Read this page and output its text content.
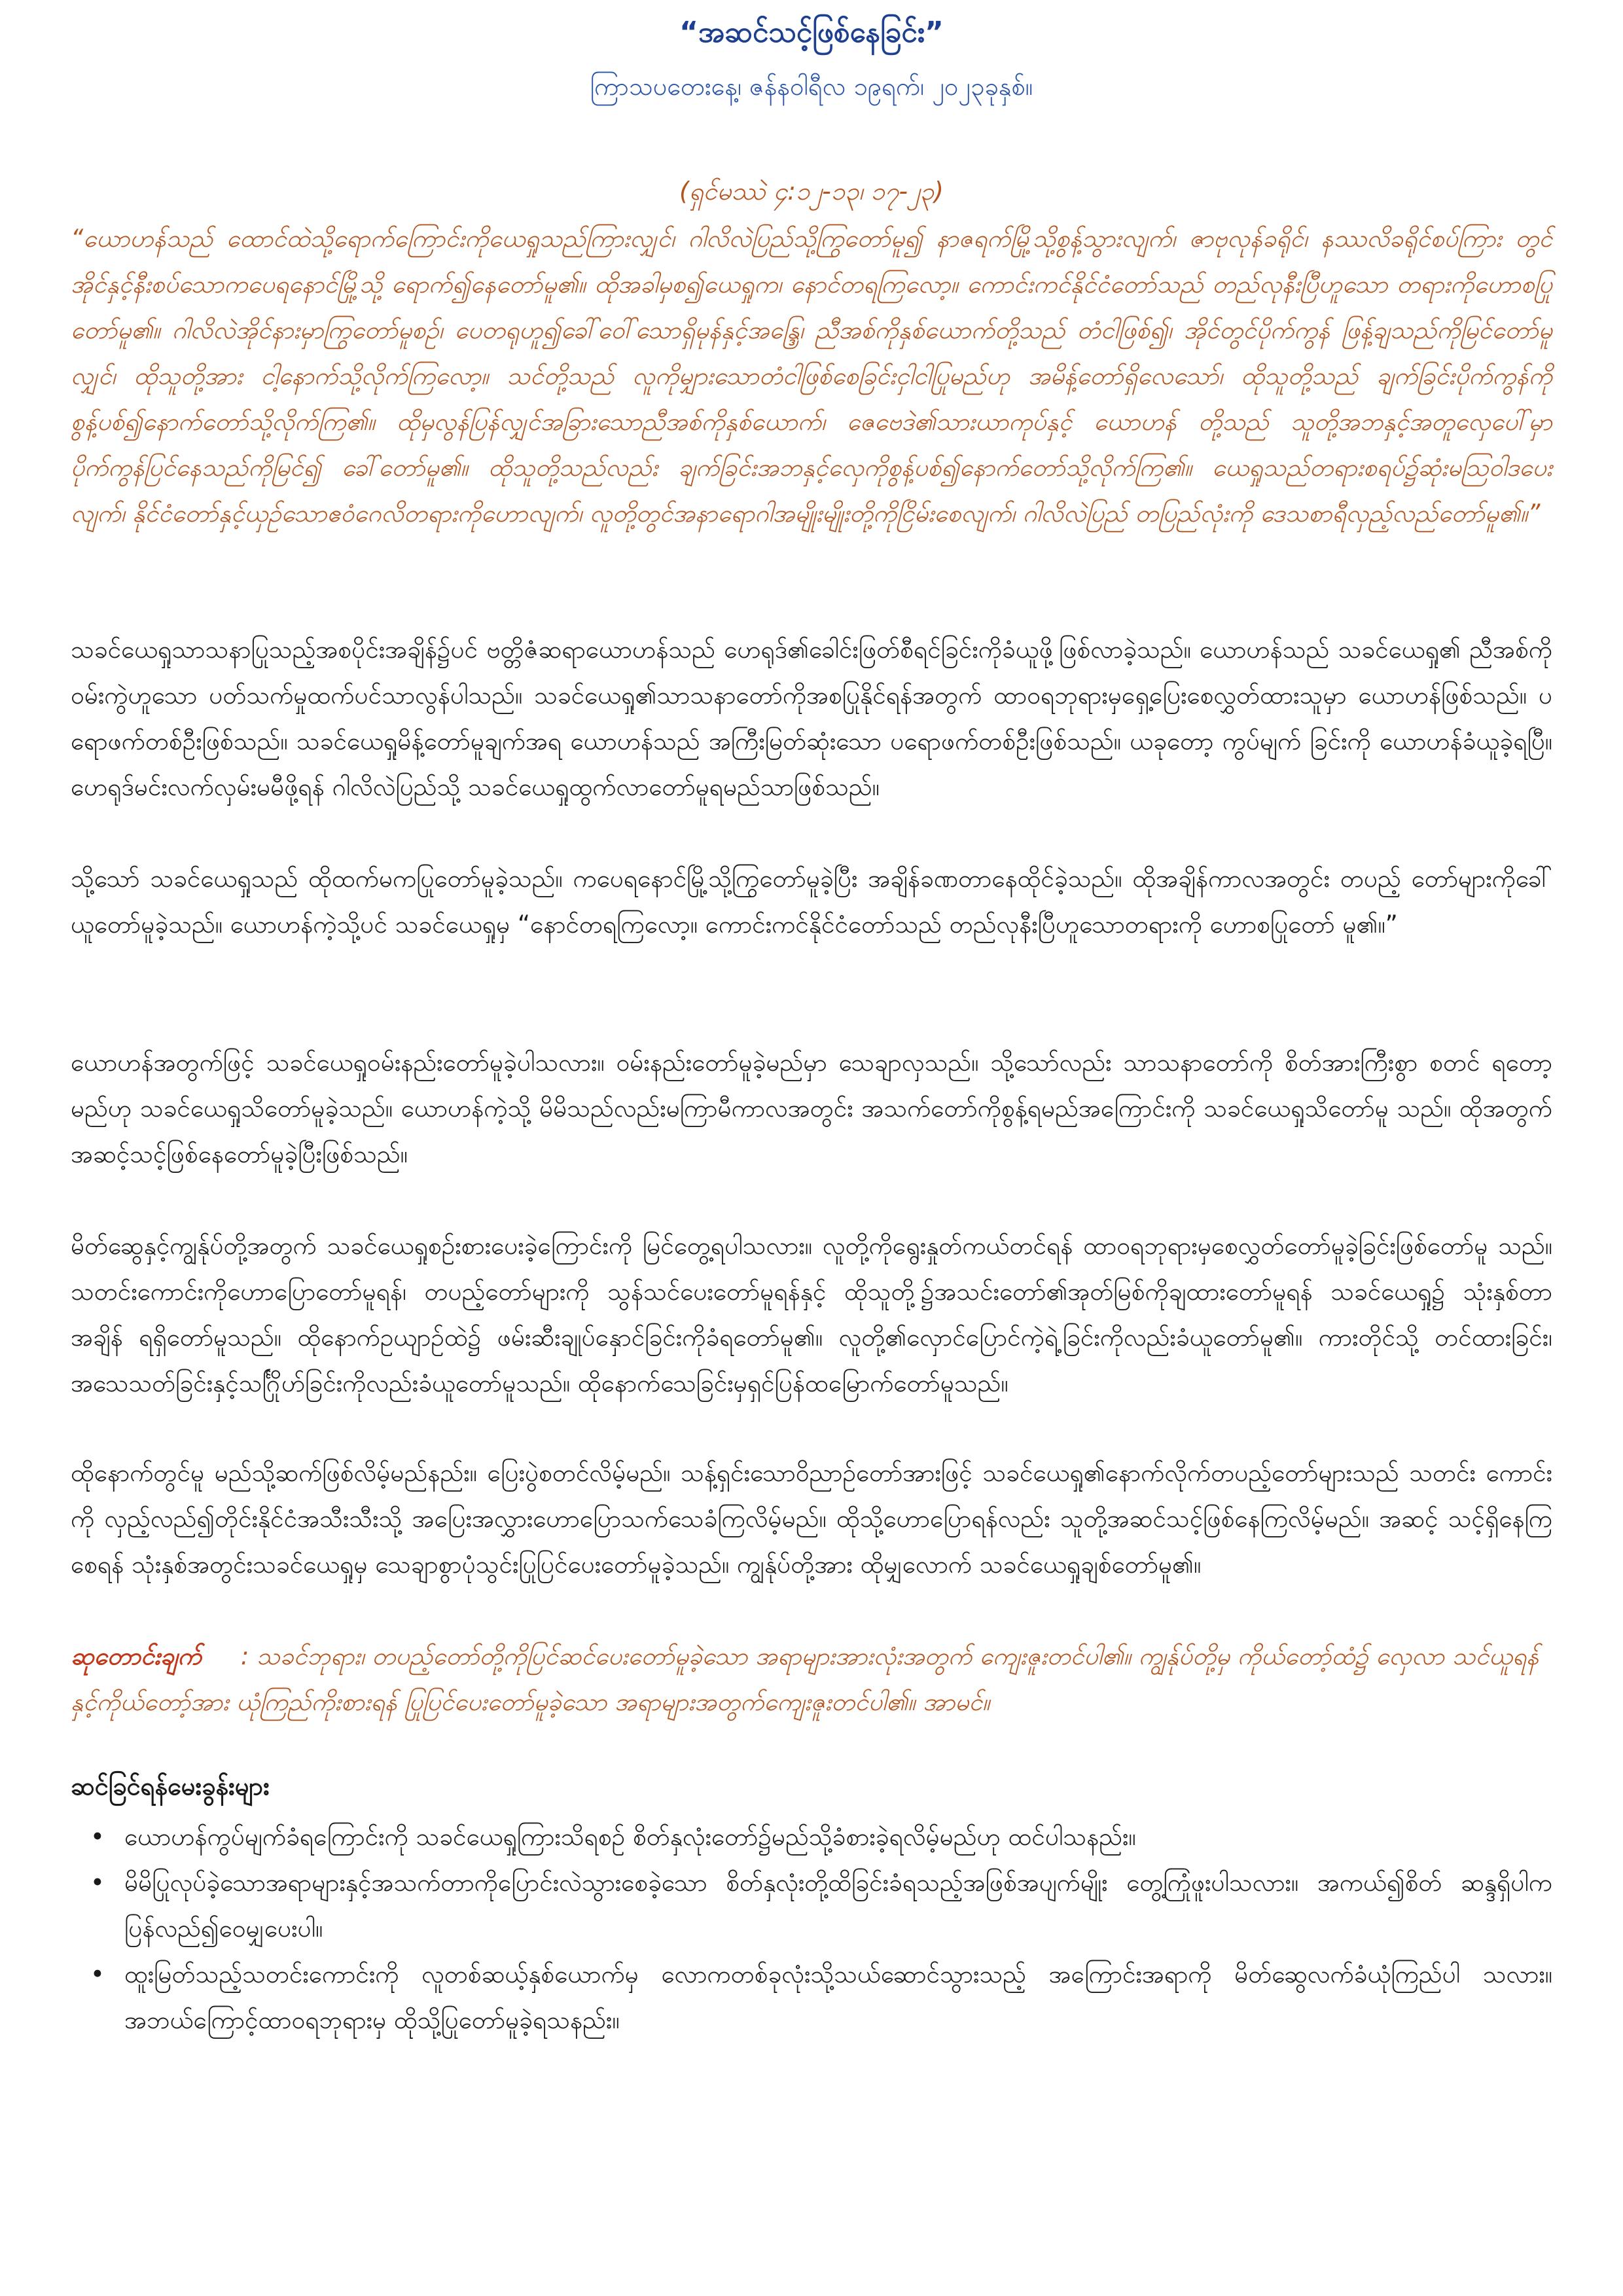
“အဆင်သင့်ဖြစ်နေခြင်း”
ကြာသပတေးနေ့၊ ဇန်နဝါရီလ ၁၉ရက်၊ ၂၀၂၃ခုနှစ်။
(ရှင်မဿဲ ၄:၁၂-၁၃၊ ၁၇-၂၃)
“ယောဟန်သည် ထောင်ထဲသို့ရောက်ကြောင်းကိုယေရှုသည်ကြားလျှင်၊ ဂါလိလဲပြည်သို့ကြွတော်မူ၍ နာဇရက်မြို့သို့စွန့်သွားလျက်၊ ဇာဗုလုန်ခရိုင်၊ နဿလိခရိုင်စပ်ကြား တွင် အိုင်နှင့်နီးစပ်သောကပေရနောင်မြို့သို့ ရောက်၍နေတော်မူ၏။ ထိုအခါမှစ၍ယေရှုက၊ နောင်တရကြလော့။ ကောင်းကင်နိုင်ငံတော်သည် တည်လုနီးပြီဟူသော တရားကိုဟောစပြုတော်မူ၏။ ဂါလိလဲအိုင်နားမှာကြွတော်မူစဉ်၊ ပေတရုဟူ၍ခေါ်ဝေါ်သောရှိမုန်နှင့်အန္ဒြေ၊ ညီအစ်ကိုနှစ်ယောက်တို့သည် တံငါဖြစ်၍၊ အိုင်တွင်ပိုက်ကွန် ဖြန့်ချသည်ကိုမြင်တော်မူလျှင်၊ ထိုသူတို့အား ငါ့နောက်သို့လိုက်ကြလော့။ သင်တို့သည် လူကိုမျှားသောတံငါဖြစ်စေခြင်းငှါငါပြုမည်ဟု အမိန့်တော်ရှိလေသော်၊ ထိုသူတို့သည် ချက်ခြင်းပိုက်ကွန်ကိုစွန့်ပစ်၍နောက်တော်သို့လိုက်ကြ၏။ ထိုမှလွန်ပြန်လျှင်အခြားသောညီအစ်ကိုနှစ်ယောက်၊ ဇေဗေဒဲ၏သားယာကုပ်နှင့် ယောဟန် တို့သည် သူတို့အဘနှင့်အတူလှေပေါ်မှာပိုက်ကွန်ပြင်နေသည်ကိုမြင်၍ ခေါ်တော်မူ၏။ ထိုသူတို့သည်လည်း ချက်ခြင်းအဘနှင့်လှေကိုစွန့်ပစ်၍နောက်တော်သို့လိုက်ကြ၏။ ယေရှုသည်တရားစရပ်၌ဆုံးမဩဝါဒပေးလျက်၊ နိုင်ငံတော်နှင့်ယှဉ်သောဧဝံဂေလိတရားကိုဟောလျက်၊ လူတို့တွင်အနာရောဂါအမျိုးမျိုးတို့ကိုငြိမ်းစေလျက်၊ ဂါလိလဲပြည် တပြည်လုံးကို ဒေသစာရီလှည့်လည်တော်မူ၏။”
သခင်ယေရှုသာသနာပြုသည့်အစပိုင်းအချိန်၌ပင် ဗတ္တိဇံဆရာယောဟန်သည် ဟေရုဒ်၏ခေါင်းဖြတ်စီရင်ခြင်းကိုခံယူဖို့ဖြစ်လာခဲ့သည်။ ယောဟန်သည် သခင်ယေရှု၏ ညီအစ်ကိုဝမ်းကွဲဟူသော ပတ်သက်မှုထက်ပင်သာလွန်ပါသည်။ သခင်ယေရှု၏သာသနာတော်ကိုအစပြုနိုင်ရန်အတွက် ထာဝရဘုရားမှရှေ့ပြေးစေလွှတ်ထားသူမှာ ယောဟန်ဖြစ်သည်။ ပရောဖက်တစ်ဦးဖြစ်သည်။ သခင်ယေရှုမိန့်တော်မူချက်အရ ယောဟန်သည် အကြီးမြတ်ဆုံးသော ပရောဖက်တစ်ဦးဖြစ်သည်။ ယခုတော့ ကွပ်မျက် ခြင်းကို ယောဟန်ခံယူခဲ့ရပြီ။ ဟေရုဒ်မင်းလက်လှမ်းမမီဖို့ရန် ဂါလိလဲပြည်သို့ သခင်ယေရှုထွက်လာတော်မူရမည်သာဖြစ်သည်။
သို့သော် သခင်ယေရှုသည် ထိုထက်မကပြုတော်မူခဲ့သည်။ ကပေရနောင်မြို့သို့ကြွတော်မူခဲ့ပြီး အချိန်ခဏတာနေထိုင်ခဲ့သည်။ ထိုအချိန်ကာလအတွင်း တပည့် တော်များကိုခေါ်ယူတော်မူခဲ့သည်။ ယောဟန်ကဲ့သို့ပင် သခင်ယေရှုမှ “နောင်တရကြလော့။ ကောင်းကင်နိုင်ငံတော်သည် တည်လုနီးပြီဟူသောတရားကို ဟောစပြုတော် မူ၏။”
ယောဟန်အတွက်ဖြင့် သခင်ယေရှုဝမ်းနည်းတော်မူခဲ့ပါသလား။ ဝမ်းနည်းတော်မူခဲ့မည်မှာ သေချာလှသည်။ သို့သော်လည်း သာသနာတော်ကို စိတ်အားကြီးစွာ စတင် ရတော့မည်ဟု သခင်ယေရှုသိတော်မူခဲ့သည်။ ယောဟန်ကဲ့သို့ မိမိသည်လည်းမကြာမီကာလအတွင်း အသက်တော်ကိုစွန့်ရမည်အကြောင်းကို သခင်ယေရှုသိတော်မူ သည်။ ထိုအတွက် အဆင့်သင့်ဖြစ်နေတော်မူခဲ့ပြီးဖြစ်သည်။
မိတ်ဆွေနှင့်ကျွန်ုပ်တို့အတွက် သခင်ယေရှုစဉ်းစားပေးခဲ့ကြောင်းကို မြင်တွေ့ရပါသလား။ လူတို့ကိုရွေးနှုတ်ကယ်တင်ရန် ထာဝရဘုရားမှစေလွှတ်တော်မူခဲ့ခြင်းဖြစ်တော်မူ သည်။ သတင်းကောင်းကိုဟောပြောတော်မူရန်၊ တပည့်တော်များကို သွန်သင်ပေးတော်မူရန်နှင့် ထိုသူတို့၌အသင်းတော်၏အုတ်မြစ်ကိုချထားတော်မူရန် သခင်ယေရှု၌ သုံးနှစ်တာအချိန် ရရှိတော်မူသည်။ ထိုနောက်ဥယျာဉ်ထဲ၌ ဖမ်းဆီးချုပ်နှောင်ခြင်းကိုခံရတော်မူ၏။ လူတို့၏လှောင်ပြောင်ကဲ့ရဲ့ခြင်းကိုလည်းခံယူတော်မူ၏။ ကားတိုင်သို့ တင်ထားခြင်း၊ အသေသတ်ခြင်းနှင့်သင်္ဂြိုဟ်ခြင်းကိုလည်းခံယူတော်မူသည်။ ထိုနောက်သေခြင်းမှရှင်ပြန်ထမြောက်တော်မူသည်။
ထိုနောက်တွင်မူ မည်သို့ဆက်ဖြစ်လိမ့်မည်နည်း။ ပြေးပွဲစတင်လိမ့်မည်။ သန့်ရှင်းသောဝိညာဉ်တော်အားဖြင့် သခင်ယေရှု၏နောက်လိုက်တပည့်တော်များသည် သတင်း ကောင်းကို လှည့်လည်၍တိုင်းနိုင်ငံအသီးသီးသို့ အပြေးအလွှားဟောပြောသက်သေခံကြလိမ့်မည်။ ထိုသို့ဟောပြောရန်လည်း သူတို့အဆင်သင့်ဖြစ်နေကြလိမ့်မည်။ အဆင့် သင့်ရှိနေကြစေရန် သုံးနှစ်အတွင်းသခင်ယေရှုမှ သေချာစွာပုံသွင်းပြုပြင်ပေးတော်မူခဲ့သည်။ ကျွန်ုပ်တို့အား ထိုမျှလောက် သခင်ယေရှုချစ်တော်မူ၏။
ဆုတောင်းချက် : သခင်ဘုရား၊ တပည့်တော်တို့ကိုပြင်ဆင်ပေးတော်မူခဲ့သော အရာများအားလုံးအတွက် ကျေးဇူးတင်ပါ၏။ ကျွန်ုပ်တို့မှ ကိုယ်တော့်ထံ၌ လှေလာ သင်ယူရန်နှင့်ကိုယ်တော့်အား ယုံကြည်ကိုးစားရန် ပြုပြင်ပေးတော်မူခဲ့သော အရာများအတွက်ကျေးဇူးတင်ပါ၏။ အာမင်။
ဆင်ခြင်ရန်မေးခွန်းများ
• ယောဟန်ကွပ်မျက်ခံရကြောင်းကို သခင်ယေရှုကြားသိရစဉ် စိတ်နှလုံးတော်၌မည်သို့ခံစားခဲ့ရလိမ့်မည်ဟု ထင်ပါသနည်း။
• မိမိပြုလုပ်ခဲ့သောအရာများနှင့်အသက်တာကိုပြောင်းလဲသွားစေခဲ့သော စိတ်နှလုံးတို့ထိခြင်းခံရသည့်အဖြစ်အပျက်မျိုး တွေ့ကြုံဖူးပါသလား။ အကယ်၍စိတ် ဆန္ဒရှိပါက ပြန်လည်၍ဝေမျှပေးပါ။
• ထူးမြတ်သည့်သတင်းကောင်းကို လူတစ်ဆယ့်နှစ်ယောက်မှ လောကတစ်ခုလုံးသို့သယ်ဆောင်သွားသည့် အကြောင်းအရာကို မိတ်ဆွေလက်ခံယုံကြည်ပါ သလား။ အဘယ်ကြောင့်ထာဝရဘုရားမှ ထိုသို့ပြုတော်မူခဲ့ရသနည်း။
